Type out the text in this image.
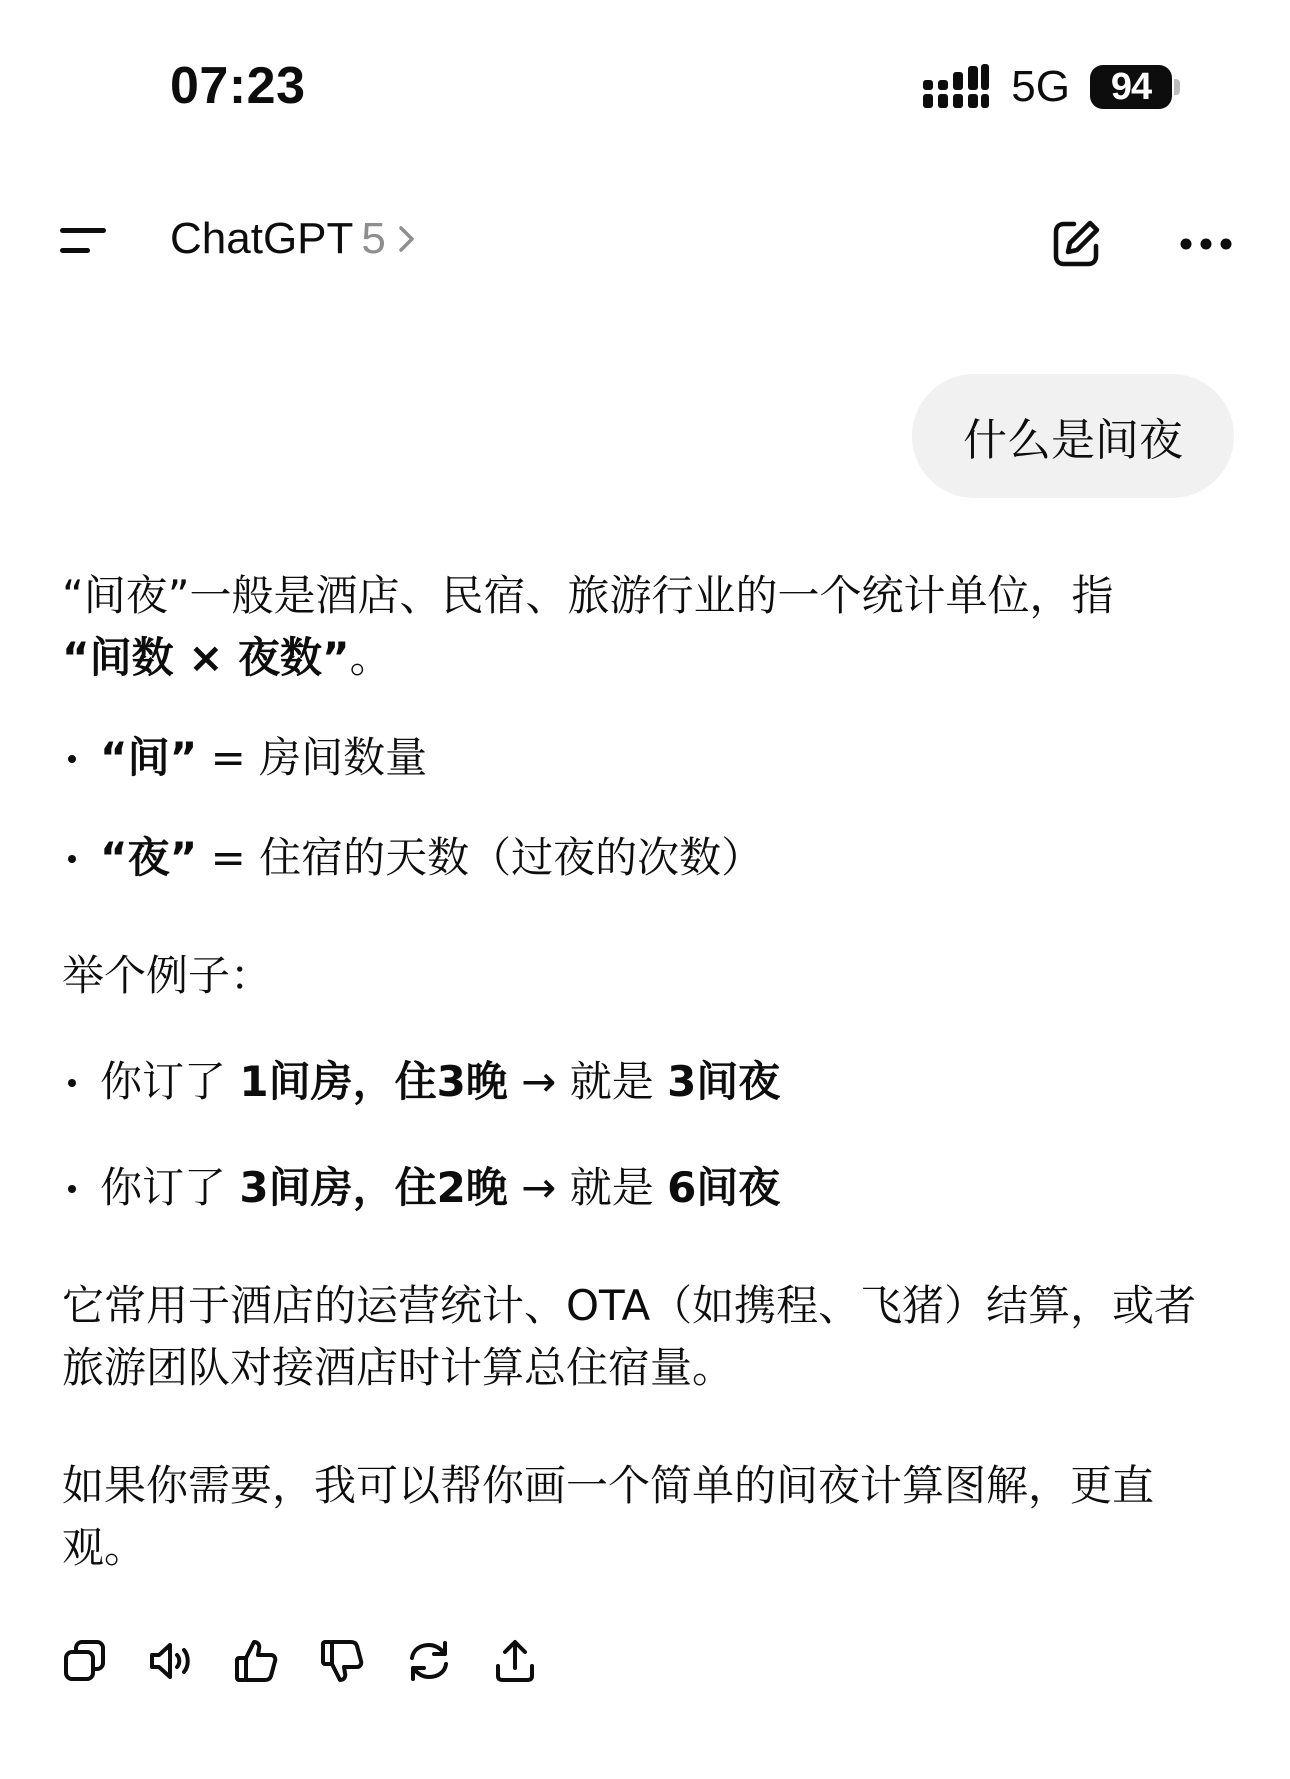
07:23	5G	94
ChatGPT 5
什么是间夜

“间夜”一般是酒店、民宿、旅游行业的一个统计单位，指
“间数 × 夜数”。

“间” = 房间数量

“夜” = 住宿的天数（过夜的次数）

举个例子：

你订了 1间房，住3晚 → 就是 3间夜

你订了 3间房，住2晚 → 就是 6间夜

它常用于酒店的运营统计、OTA（如携程、飞猪）结算，或者旅游团队对接酒店时计算总住宿量。

如果你需要，我可以帮你画一个简单的间夜计算图解，更直观。
